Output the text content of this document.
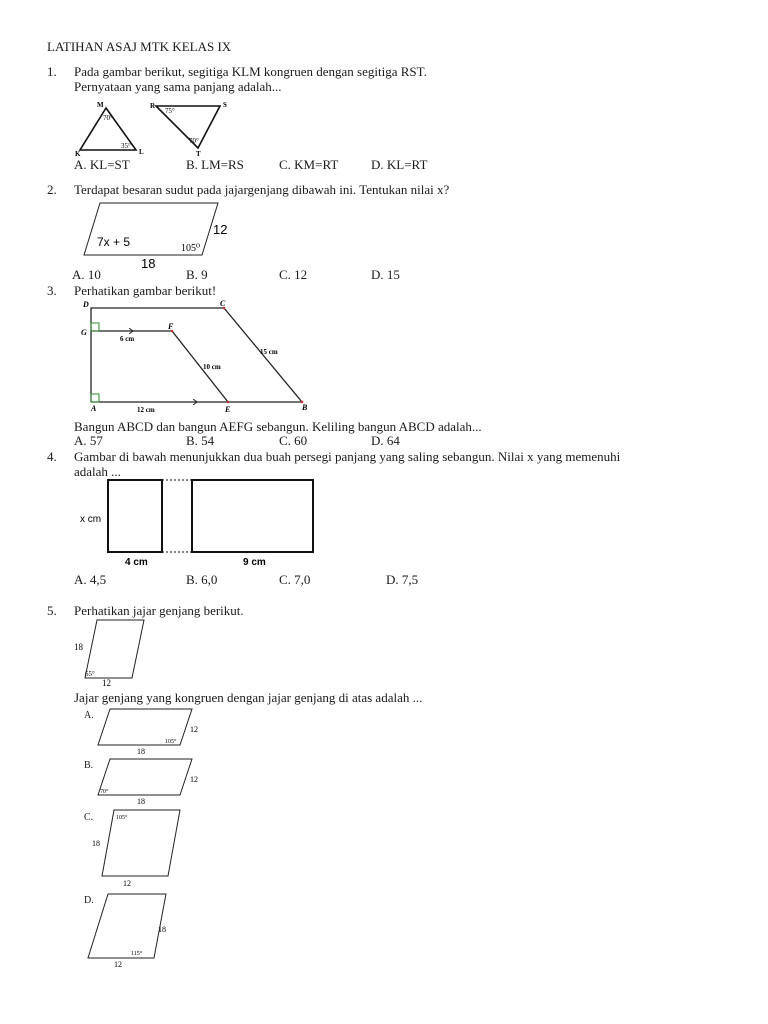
LATIHAN ASAJ MTK KELAS IX
1. Pada gambar berikut, segitiga KLM kongruen dengan segitiga RST.
Pernyataan yang sama panjang adalah...
M
K	L
70°
35°
R	S
T
75°
70°
A. KL=ST	B. LM=RS	C. KM=RT	D. KL=RT
2. Terdapat besaran sudut pada jajargenjang dibawah ini. Tentukan nilai x?
7x + 5	105⁰
12
18
A. 10	B. 9	C. 12	D. 15
3. Perhatikan gambar berikut!
D	C
G
F
A	E	B
6 cm
10 cm
15 cm
12 cm
Bangun ABCD dan bangun AEFG sebangun. Keliling bangun ABCD adalah...
A. 57	B. 54	C. 60	D. 64
4. Gambar di bawah menunjukkan dua buah persegi panjang yang saling sebangun. Nilai x yang memenuhi
adalah ...
x cm
4 cm	9 cm
A. 4,5	B. 6,0	C. 7,0	D. 7,5
5. Perhatikan jajar genjang berikut.
18
65°
12
Jajar genjang yang kongruen dengan jajar genjang di atas adalah ...
A.
12
105°
18
B.
12
70°
18
C.	105°
18
12
D.
18
115°
12
